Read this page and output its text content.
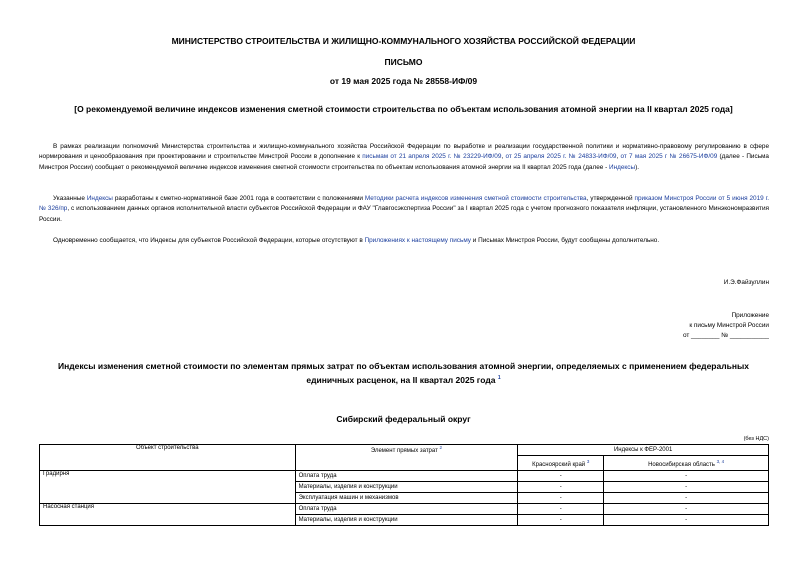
МИНИСТЕРСТВО СТРОИТЕЛЬСТВА И ЖИЛИЩНО-КОММУНАЛЬНОГО ХОЗЯЙСТВА РОССИЙСКОЙ ФЕДЕРАЦИИ
ПИСЬМО
от 19 мая 2025 года № 28558-ИФ/09
[О рекомендуемой величине индексов изменения сметной стоимости строительства по объектам использования атомной энергии на II квартал 2025 года]
В рамках реализации полномочий Министерства строительства и жилищно-коммунального хозяйства Российской Федерации по выработке и реализации государственной политики и нормативно-правовому регулированию в сфере нормирования и ценообразования при проектировании и строительстве Минстрой России в дополнение к письмам от 21 апреля 2025 г. № 23229-ИФ/09, от 25 апреля 2025 г. № 24833-ИФ/09, от 7 мая 2025 г № 26675-ИФ/09 (далее - Письма Минстроя России) сообщает о рекомендуемой величине индексов изменения сметной стоимости строительства по объектам использования атомной энергии на II квартал 2025 года (далее - Индексы).
Указанные Индексы разработаны к сметно-нормативной базе 2001 года в соответствии с положениями Методики расчета индексов изменения сметной стоимости строительства, утвержденной приказом Минстроя России от 5 июня 2019 г. № 326/пр, с использованием данных органов исполнительной власти субъектов Российской Федерации и ФАУ "Главгосэкспертиза России" за I квартал 2025 года с учетом прогнозного показателя инфляции, установленного Минэкономразвития России.
Одновременно сообщается, что Индексы для субъектов Российской Федерации, которые отсутствуют в Приложениях к настоящему письму и Письмах Минстроя России, будут сообщены дополнительно.
И.Э.Файзуллин
Приложение
к письму Минстрой России
от ________ № ___________
Индексы изменения сметной стоимости по элементам прямых затрат по объектам использования атомной энергии, определяемых с применением федеральных единичных расценок, на II квартал 2025 года $^1$
Сибирский федеральный округ
(без НДС)
Объект строительства	Элемент прямых затрат $^2$	Индексы к ФЕР-2001	
		Красноярский край $^3$	Новосибирская область $^{3, 4}$
Градирня	Оплата труда	-	-
	Материалы, изделия и конструкции	-	-
	Эксплуатация машин и механизмов	-	-
Насосная станция	Оплата труда	-	-
	Материалы, изделия и конструкции	-	-
